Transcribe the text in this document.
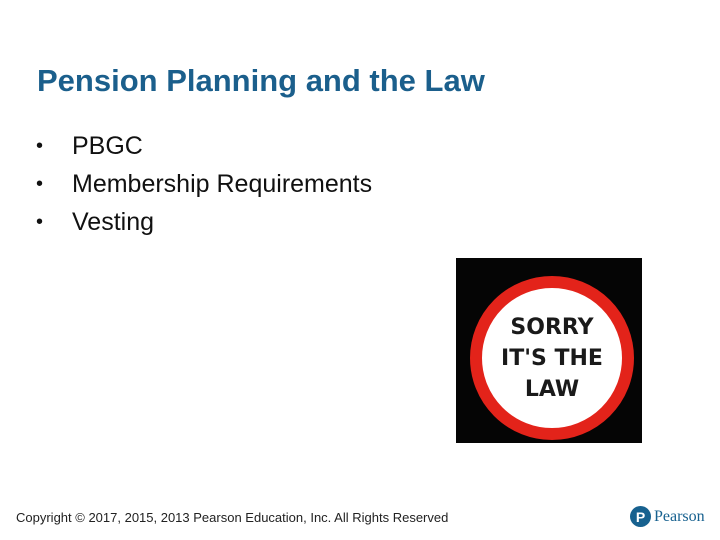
Pension Planning and the Law
•	PBGC
•	Membership Requirements
•	Vesting
SORRY
IT'S THE
LAW
Copyright © 2017, 2015, 2013 Pearson Education, Inc. All Rights Reserved	P Pearson
